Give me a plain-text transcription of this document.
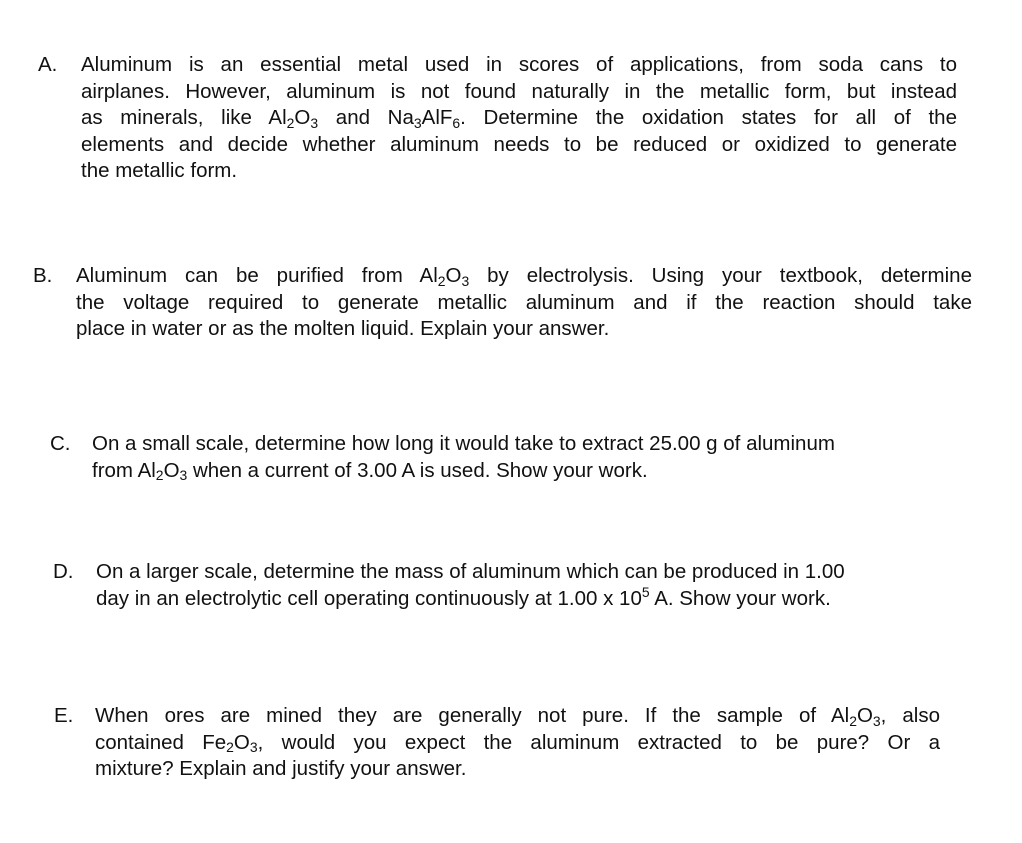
A. Aluminum is an essential metal used in scores of applications, from soda cans to
airplanes. However, aluminum is not found naturally in the metallic form, but instead
as minerals, like $Al_2O_3$ and $Na_3AlF_6$. Determine the oxidation states for all of the
elements and decide whether aluminum needs to be reduced or oxidized to generate
the metallic form.
B. Aluminum can be purified from $Al_2O_3$ by electrolysis. Using your textbook, determine
the voltage required to generate metallic aluminum and if the reaction should take
place in water or as the molten liquid. Explain your answer.
C. On a small scale, determine how long it would take to extract 25.00 g of aluminum
from $Al_2O_3$ when a current of 3.00 A is used. Show your work.
D. On a larger scale, determine the mass of aluminum which can be produced in 1.00
day in an electrolytic cell operating continuously at 1.00 x $10^5$ A. Show your work.
E. When ores are mined they are generally not pure. If the sample of $Al_2O_3$, also
contained $Fe_2O_3$, would you expect the aluminum extracted to be pure? Or a
mixture? Explain and justify your answer.
